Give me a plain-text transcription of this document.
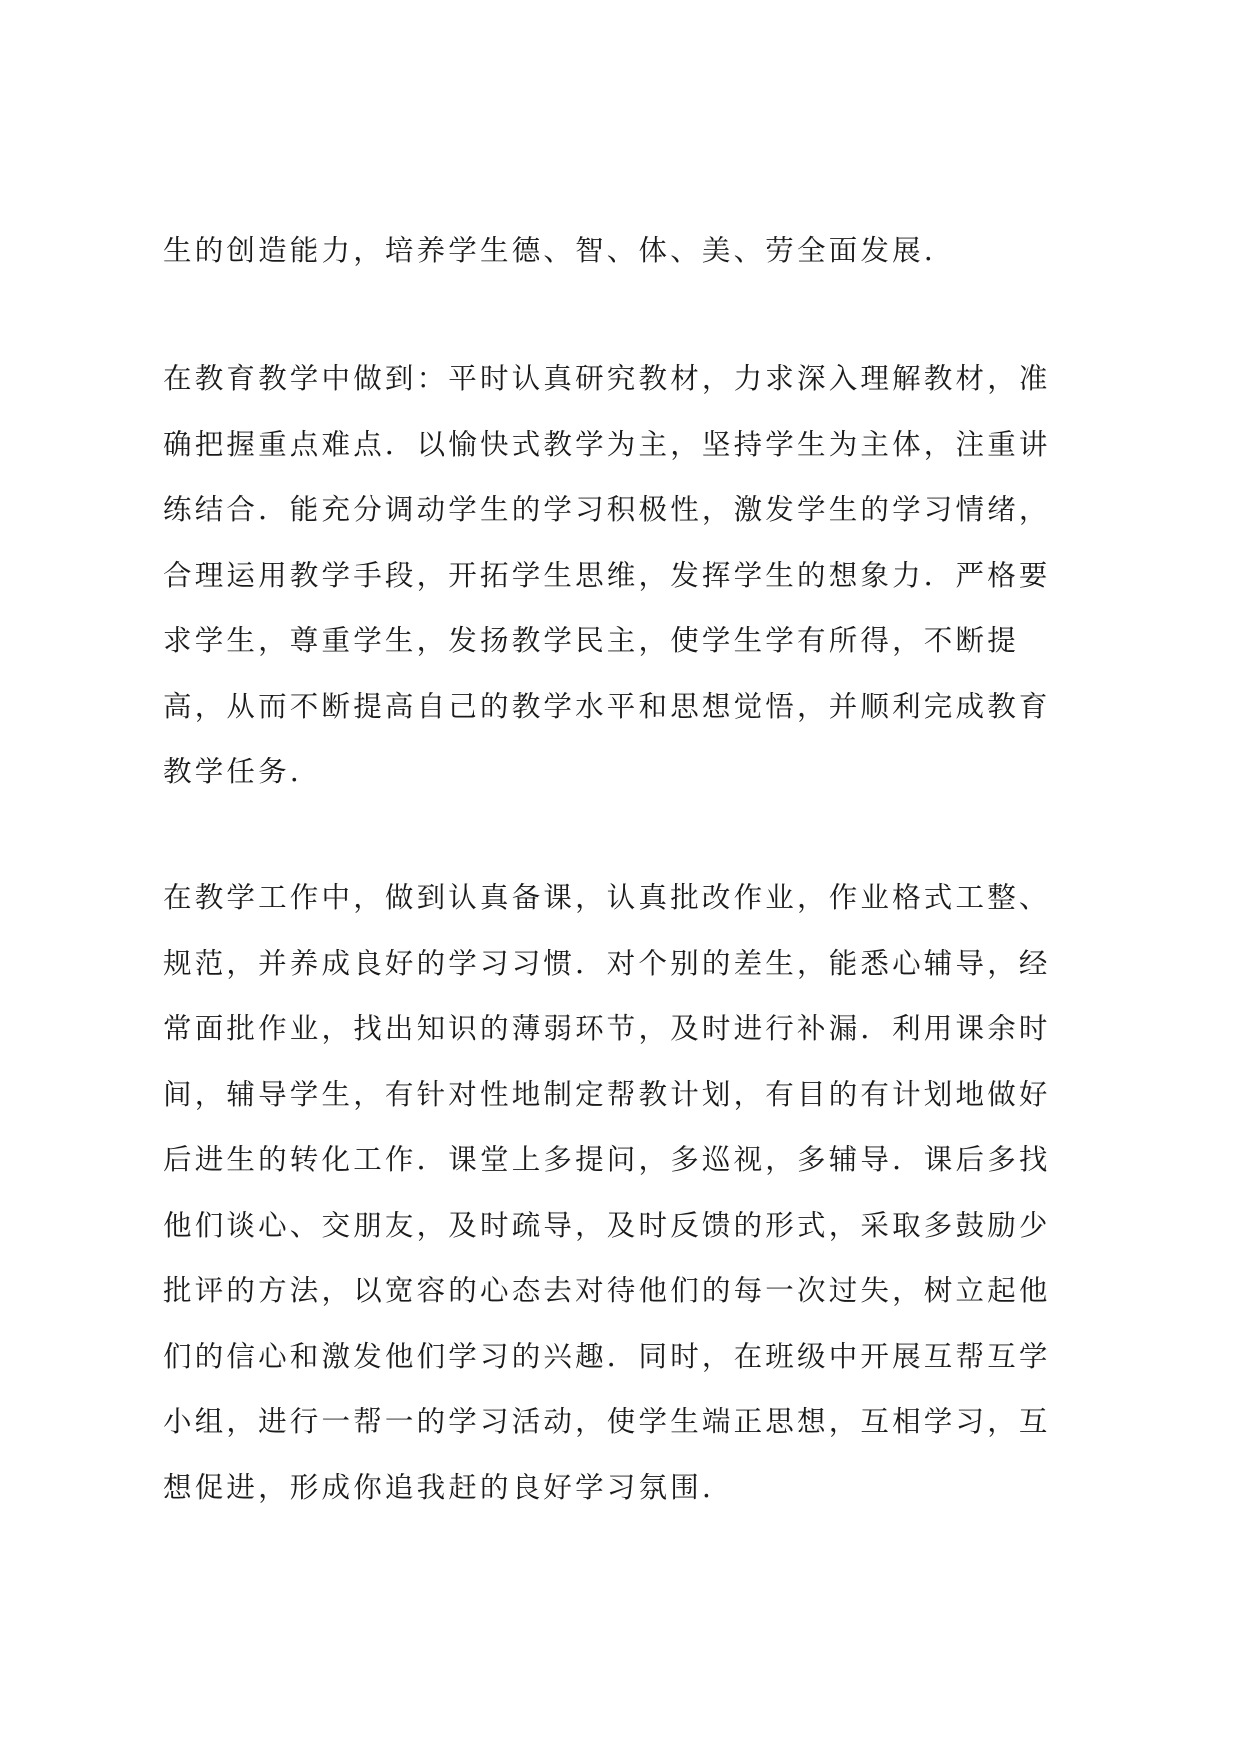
生的创造能力，培养学生德、智、体、美、劳全面发展.

在教育教学中做到：平时认真研究教材，力求深入理解教材，准
确把握重点难点．以愉快式教学为主，坚持学生为主体，注重讲
练结合．能充分调动学生的学习积极性，激发学生的学习情绪，
合理运用教学手段，开拓学生思维，发挥学生的想象力．严格要
求学生，尊重学生，发扬教学民主，使学生学有所得，不断提
高，从而不断提高自己的教学水平和思想觉悟，并顺利完成教育
教学任务.

在教学工作中，做到认真备课，认真批改作业，作业格式工整、
规范，并养成良好的学习习惯．对个别的差生，能悉心辅导，经
常面批作业，找出知识的薄弱环节，及时进行补漏．利用课余时
间，辅导学生，有针对性地制定帮教计划，有目的有计划地做好
后进生的转化工作．课堂上多提问，多巡视，多辅导．课后多找
他们谈心、交朋友，及时疏导，及时反馈的形式，采取多鼓励少
批评的方法，以宽容的心态去对待他们的每一次过失，树立起他
们的信心和激发他们学习的兴趣．同时，在班级中开展互帮互学
小组，进行一帮一的学习活动，使学生端正思想，互相学习，互
想促进，形成你追我赶的良好学习氛围.
